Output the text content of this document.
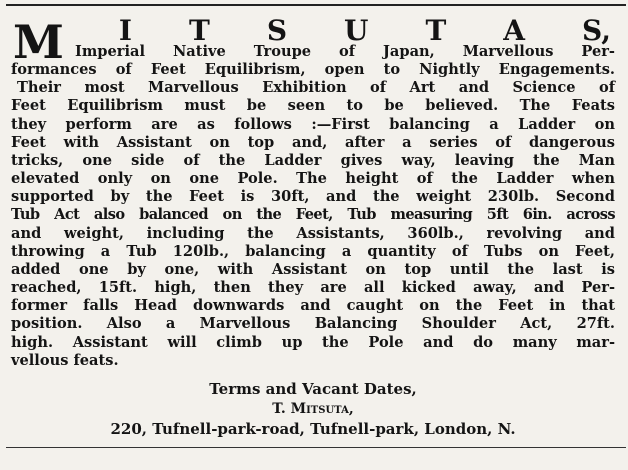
M I T S U T A S,
Imperial Native Troupe of Japan, Marvellous Per-
formances of Feet Equilibrism, open to Nightly Engagements.
Their most Marvellous Exhibition of Art and Science of
Feet Equilibrism must be seen to be believed. The Feats
they perform are as follows :—First balancing a Ladder on
Feet with Assistant on top and, after a series of dangerous
tricks, one side of the Ladder gives way, leaving the Man
elevated only on one Pole. The height of the Ladder when
supported by the Feet is 30ft, and the weight 230lb. Second
Tub Act also balanced on the Feet, Tub measuring 5ft 6in. across
and weight, including the Assistants, 360lb., revolving and
throwing a Tub 120lb., balancing a quantity of Tubs on Feet,
added one by one, with Assistant on top until the last is
reached, 15ft. high, then they are all kicked away, and Per-
former falls Head downwards and caught on the Feet in that
position. Also a Marvellous Balancing Shoulder Act, 27ft.
high. Assistant will climb up the Pole and do many mar-
vellous feats.
Terms and Vacant Dates,
T. Mitsuta,
220, Tufnell-park-road, Tufnell-park, London, N.
